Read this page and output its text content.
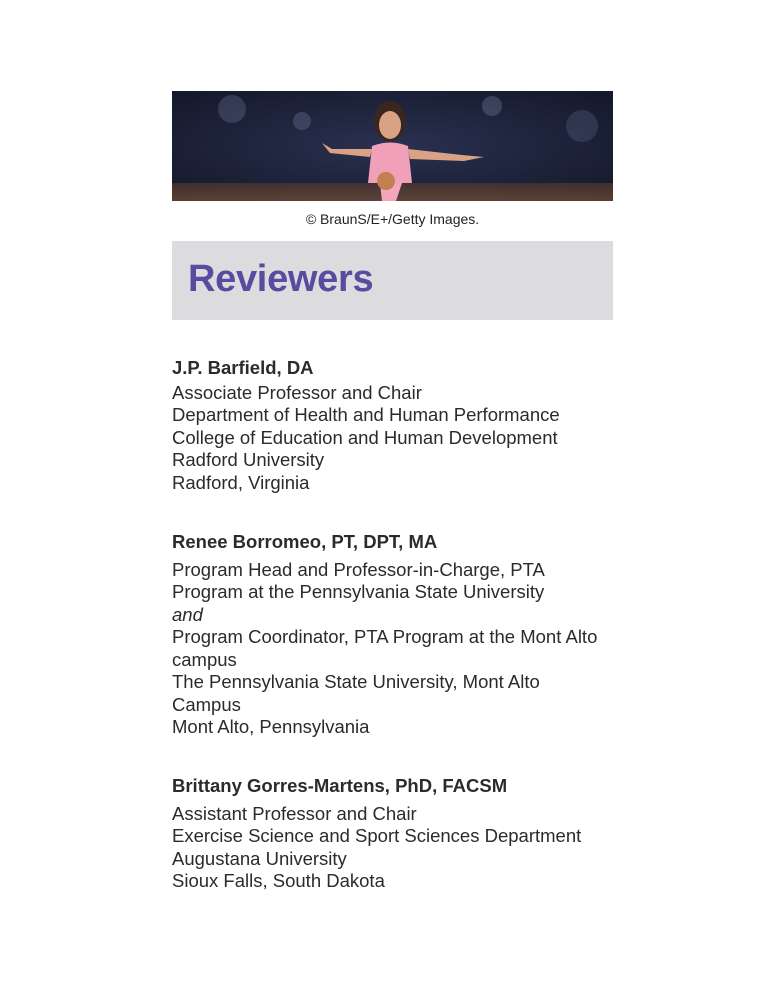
© BraunS/E+/Getty Images.
Reviewers
J.P. Barfield, DA
Associate Professor and Chair
Department of Health and Human Performance
College of Education and Human Development
Radford University
Radford, Virginia
Renee Borromeo, PT, DPT, MA
Program Head and Professor-in-Charge, PTA
Program at the Pennsylvania State University
and
Program Coordinator, PTA Program at the Mont Alto
campus
The Pennsylvania State University, Mont Alto
Campus
Mont Alto, Pennsylvania
Brittany Gorres-Martens, PhD, FACSM
Assistant Professor and Chair
Exercise Science and Sport Sciences Department
Augustana University
Sioux Falls, South Dakota
